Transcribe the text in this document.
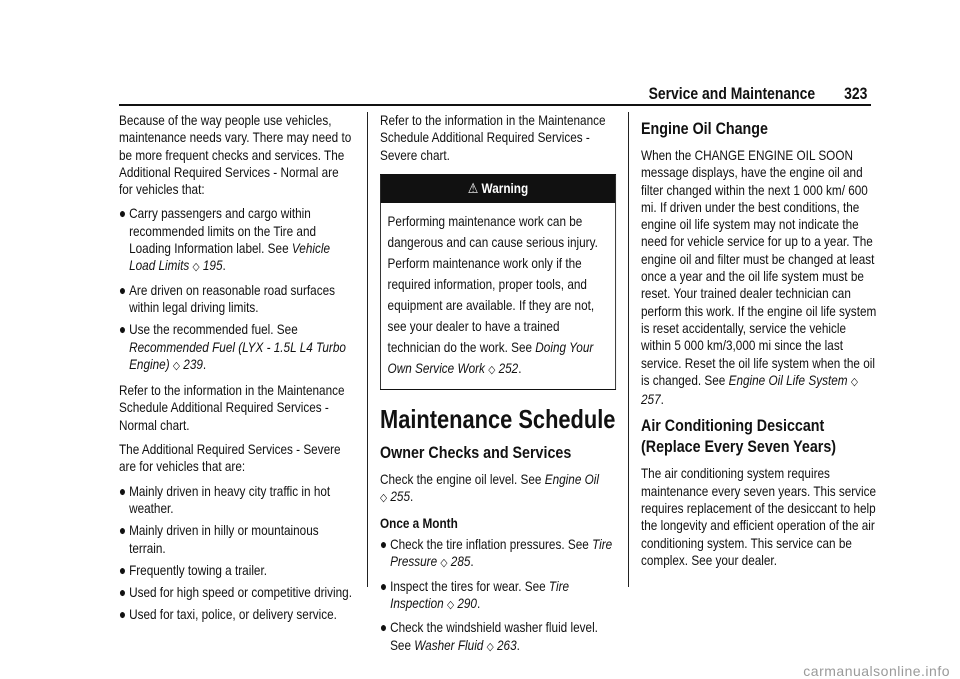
Service and Maintenance 323

Because of the way people use vehicles, maintenance needs vary. There may need to be more frequent checks and services. The Additional Required Services - Normal are for vehicles that:

● Carry passengers and cargo within recommended limits on the Tire and Loading Information label. See Vehicle Load Limits ◇ 195.
● Are driven on reasonable road surfaces within legal driving limits.
● Use the recommended fuel. See Recommended Fuel (LYX - 1.5L L4 Turbo Engine) ◇ 239.

Refer to the information in the Maintenance Schedule Additional Required Services - Normal chart.

The Additional Required Services - Severe are for vehicles that are:

● Mainly driven in heavy city traffic in hot weather.
● Mainly driven in hilly or mountainous terrain.
● Frequently towing a trailer.
● Used for high speed or competitive driving.
● Used for taxi, police, or delivery service.

Refer to the information in the Maintenance Schedule Additional Required Services - Severe chart.

⚠ Warning
Performing maintenance work can be dangerous and can cause serious injury. Perform maintenance work only if the required information, proper tools, and equipment are available. If they are not, see your dealer to have a trained technician do the work. See Doing Your Own Service Work ◇ 252.
Maintenance Schedule
Owner Checks and Services

Check the engine oil level. See Engine Oil
◇ 255.

Once a Month
● Check the tire inflation pressures. See Tire Pressure ◇ 285.
● Inspect the tires for wear. See Tire Inspection ◇ 290.
● Check the windshield washer fluid level. See Washer Fluid ◇ 263.
Engine Oil Change

When the CHANGE ENGINE OIL SOON message displays, have the engine oil and filter changed within the next 1 000 km/ 600 mi. If driven under the best conditions, the engine oil life system may not indicate the need for vehicle service for up to a year. The engine oil and filter must be changed at least once a year and the oil life system must be reset. Your trained dealer technician can perform this work. If the engine oil life system is reset accidentally, service the vehicle within 5 000 km/3,000 mi since the last service. Reset the oil life system when the oil is changed. See Engine Oil Life System ◇ 257.

Air Conditioning Desiccant (Replace Every Seven Years)

The air conditioning system requires maintenance every seven years. This service requires replacement of the desiccant to help the longevity and efficient operation of the air conditioning system. This service can be complex. See your dealer.

carmanualsonline.info
